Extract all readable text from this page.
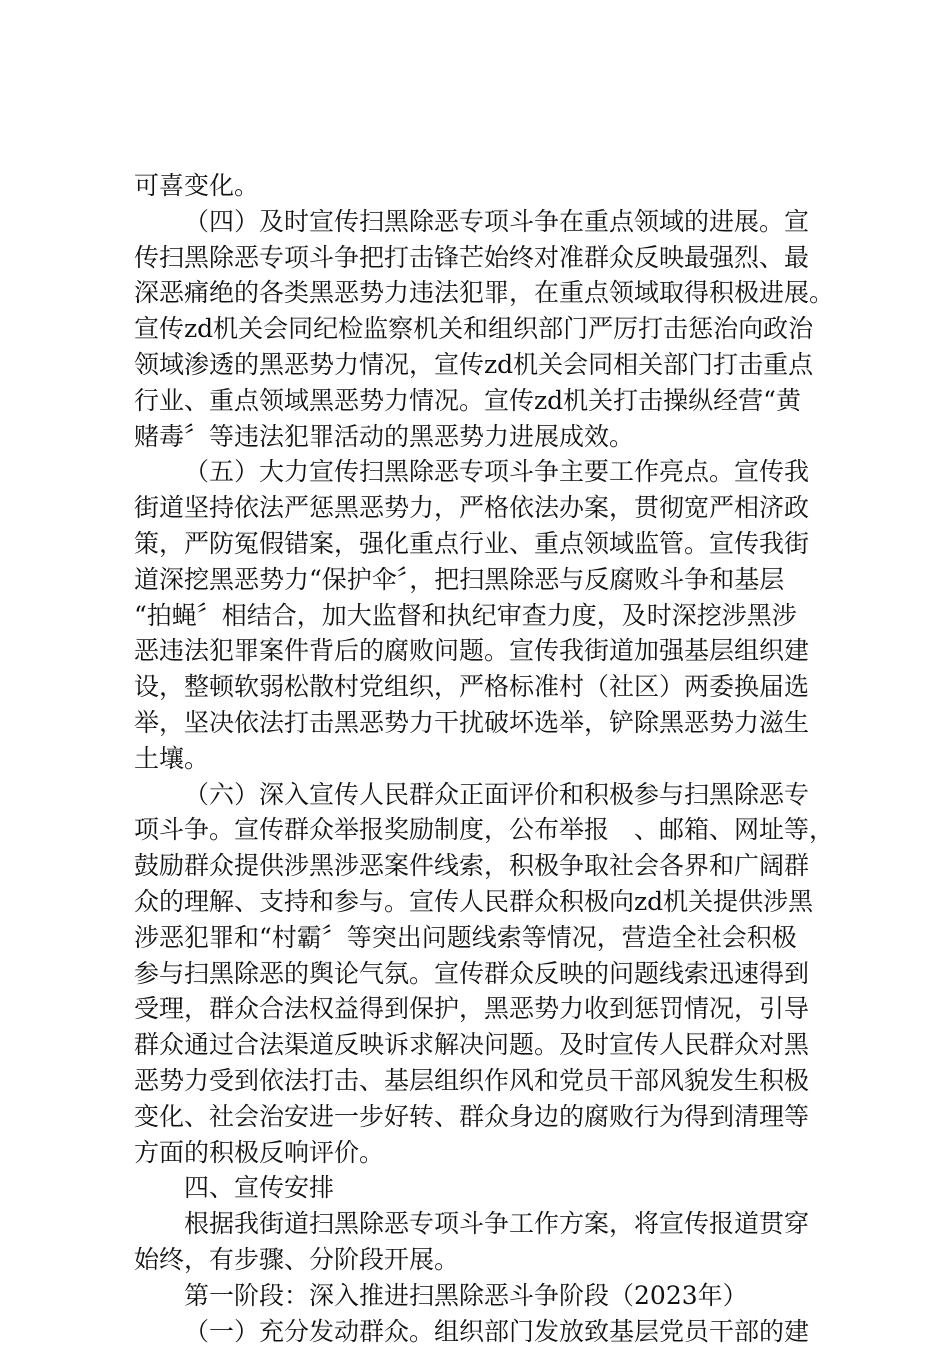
可喜变化。
（四）及时宣传扫黑除恶专项斗争在重点领域的进展。宣
传扫黑除恶专项斗争把打击锋芒始终对准群众反映最强烈、最
深恶痛绝的各类黑恶势力违法犯罪，在重点领域取得积极进展。
宣传zd机关会同纪检监察机关和组织部门严厉打击惩治向政治
领域渗透的黑恶势力情况，宣传zd机关会同相关部门打击重点
行业、重点领域黑恶势力情况。宣传zd机关打击操纵经营“黄
赌毒〞等违法犯罪活动的黑恶势力进展成效。
（五）大力宣传扫黑除恶专项斗争主要工作亮点。宣传我
街道坚持依法严惩黑恶势力，严格依法办案，贯彻宽严相济政
策，严防冤假错案，强化重点行业、重点领域监管。宣传我街
道深挖黑恶势力“保护伞〞，把扫黑除恶与反腐败斗争和基层
“拍蝇〞相结合，加大监督和执纪审查力度，及时深挖涉黑涉
恶违法犯罪案件背后的腐败问题。宣传我街道加强基层组织建
设，整顿软弱松散村党组织，严格标准村（社区）两委换届选
举，坚决依法打击黑恶势力干扰破坏选举，铲除黑恶势力滋生
土壤。
（六）深入宣传人民群众正面评价和积极参与扫黑除恶专
项斗争。宣传群众举报奖励制度，公布举报　、邮箱、网址等，
鼓励群众提供涉黑涉恶案件线索，积极争取社会各界和广阔群
众的理解、支持和参与。宣传人民群众积极向zd机关提供涉黑
涉恶犯罪和“村霸〞等突出问题线索等情况，营造全社会积极
参与扫黑除恶的舆论气氛。宣传群众反映的问题线索迅速得到
受理，群众合法权益得到保护，黑恶势力收到惩罚情况，引导
群众通过合法渠道反映诉求解决问题。及时宣传人民群众对黑
恶势力受到依法打击、基层组织作风和党员干部风貌发生积极
变化、社会治安进一步好转、群众身边的腐败行为得到清理等
方面的积极反响评价。
四、宣传安排
根据我街道扫黑除恶专项斗争工作方案，将宣传报道贯穿
始终，有步骤、分阶段开展。
第一阶段：深入推进扫黑除恶斗争阶段（2023年）
（一）充分发动群众。组织部门发放致基层党员干部的建
